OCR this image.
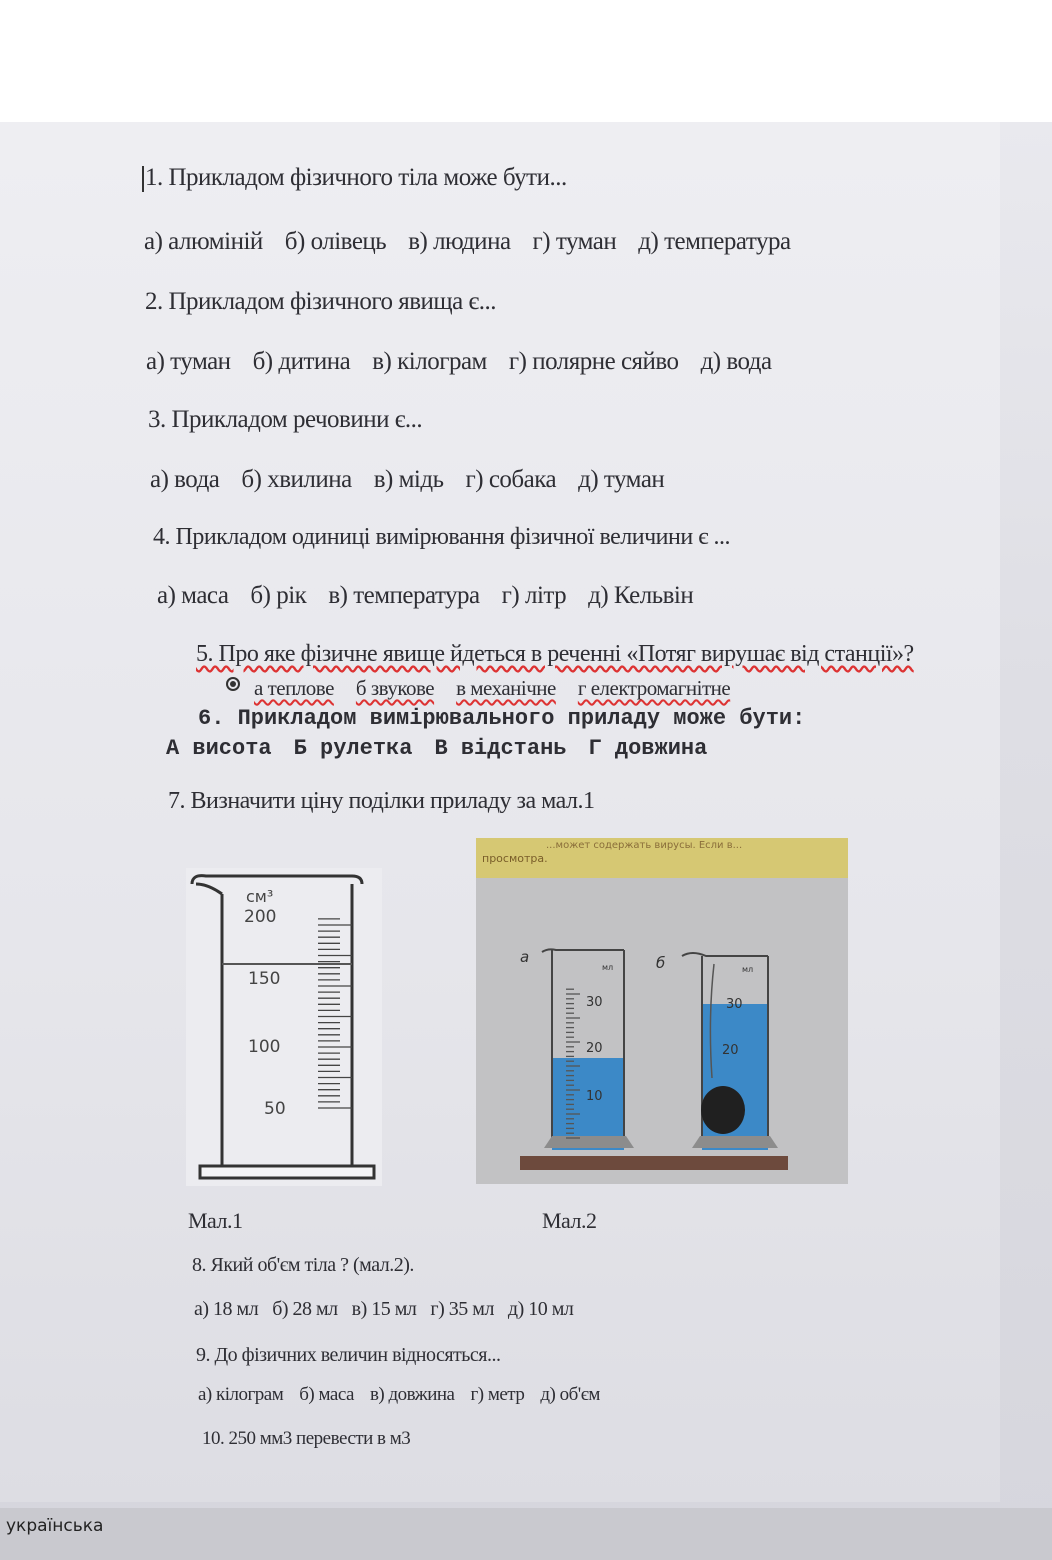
1. Прикладом фізичного тіла може бути...
а) алюміній б) олівець в) людина г) туман д) температура
2. Прикладом фізичного явища є...
а) туман б) дитина в) кілограм г) полярне сяйво д) вода
3. Прикладом речовини є...
а) вода б) хвилина в) мідь г) собака д) туман
4. Прикладом одиниці вимірювання фізичної величини є ...
а) маса б) рік в) температура г) літр д) Кельвін
5. Про яке фізичне явище йдеться в реченні «Потяг вирушає від станції»?
а теплове б звукове в механічне г електромагнітне
6. Прикладом вимірювального приладу може бути:
А висота Б рулетка В відстань Г довжина
7. Визначити ціну поділки приладу за мал.1
см³
200
150
100
50
...может содержать вирусы. Если в...
просмотра.
а
мл
30
20
10
б	мл
30
20
Мал.1	Мал.2
8. Який об'єм тіла ? (мал.2).
а) 18 мл б) 28 мл в) 15 мл г) 35 мл д) 10 мл
9. До фізичних величин відносяться...
а) кілограм б) маса в) довжина г) метр д) об'єм
10. 250 мм3 перевести в м3
українська
